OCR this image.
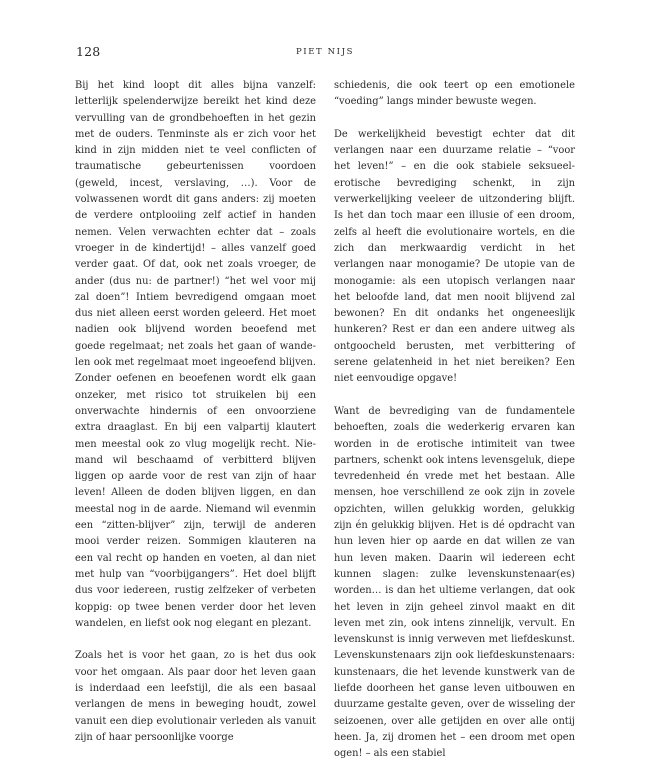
128	PIET NIJS

Bij het kind loopt dit alles bijna vanzelf: letterlijk spelenderwijze bereikt het kind deze vervulling van de grondbehoeften in het gezin met de ouders. Tenminste als er zich voor het kind in zijn midden niet te veel conflicten of traumatische gebeurtenissen voordoen (geweld, incest, verslaving, …). Voor de volwassenen wordt dit gans anders: zij moeten de verdere ontplooiing zelf actief in handen nemen. Velen verwachten echter dat – zoals vroeger in de kindertijd! – alles vanzelf goed verder gaat. Of dat, ook net zoals vroeger, de ander (dus nu: de partner!) “het wel voor mij zal doen”! Intiem bevredigend omgaan moet dus niet alleen eerst worden geleerd. Het moet nadien ook blijvend worden beoefend met goede regelmaat; net zoals het gaan of wandelen ook met regelmaat moet ingeoefend blijven. Zonder oefenen en beoefenen wordt elk gaan onzeker, met risico tot struikelen bij een onverwachte hindernis of een onvoorziene extra draaglast. En bij een valpartij klautert men meestal ook zo vlug mogelijk recht. Niemand wil beschaamd of verbitterd blijven liggen op aarde voor de rest van zijn of haar leven! Alleen de doden blijven liggen, en dan meestal nog in de aarde. Niemand wil evenmin een “zitten-blijver” zijn, terwijl de anderen mooi verder reizen. Sommigen klauteren na een val recht op handen en voeten, al dan niet met hulp van “voorbijgangers”. Het doel blijft dus voor iedereen, rustig zelfzeker of verbeten koppig: op twee benen verder door het leven wandelen, en liefst ook nog elegant en plezant.

Zoals het is voor het gaan, zo is het dus ook voor het omgaan. Als paar door het leven gaan is inderdaad een leefstijl, die als een basaal verlangen de mens in beweging houdt, zowel vanuit een diep evolutionair verleden als vanuit zijn of haar persoonlijke voorge

schiedenis, die ook teert op een emotionele “voeding” langs minder bewuste wegen.

De werkelijkheid bevestigt echter dat dit verlangen naar een duurzame relatie – “voor het leven!” – en die ook stabiele seksueel-erotische bevrediging schenkt, in zijn verwerkelijking veeleer de uitzondering blijft. Is het dan toch maar een illusie of een droom, zelfs al heeft die evolutionaire wortels, en die zich dan merkwaardig verdicht in het verlangen naar monogamie? De utopie van de monogamie: als een utopisch verlangen naar het beloofde land, dat men nooit blijvend zal bewonen? En dit ondanks het ongeneeslijk hunkeren? Rest er dan een andere uitweg als ontgoocheld berusten, met verbittering of serene gelatenheid in het niet bereiken? Een niet eenvoudige opgave!

Want de bevrediging van de fundamentele behoeften, zoals die wederkerig ervaren kan worden in de erotische intimiteit van twee partners, schenkt ook intens levensgeluk, diepe tevredenheid én vrede met het bestaan. Alle mensen, hoe verschillend ze ook zijn in zovele opzichten, willen gelukkig worden, gelukkig zijn én gelukkig blijven. Het is dé opdracht van hun leven hier op aarde en dat willen ze van hun leven maken. Daarin wil iedereen echt kunnen slagen: zulke levenskunstenaar(es) worden… is dan het ultieme verlangen, dat ook het leven in zijn geheel zinvol maakt en dit leven met zin, ook intens zinnelijk, vervult. En levenskunst is innig verweven met liefdeskunst. Levenskunstenaars zijn ook liefdeskunstenaars: kunstenaars, die het levende kunstwerk van de liefde doorheen het ganse leven uitbouwen en duurzame gestalte geven, over de wisseling der seizoenen, over alle getijden en over alle ontij heen. Ja, zij dromen het – een droom met open ogen! – als een stabiel
